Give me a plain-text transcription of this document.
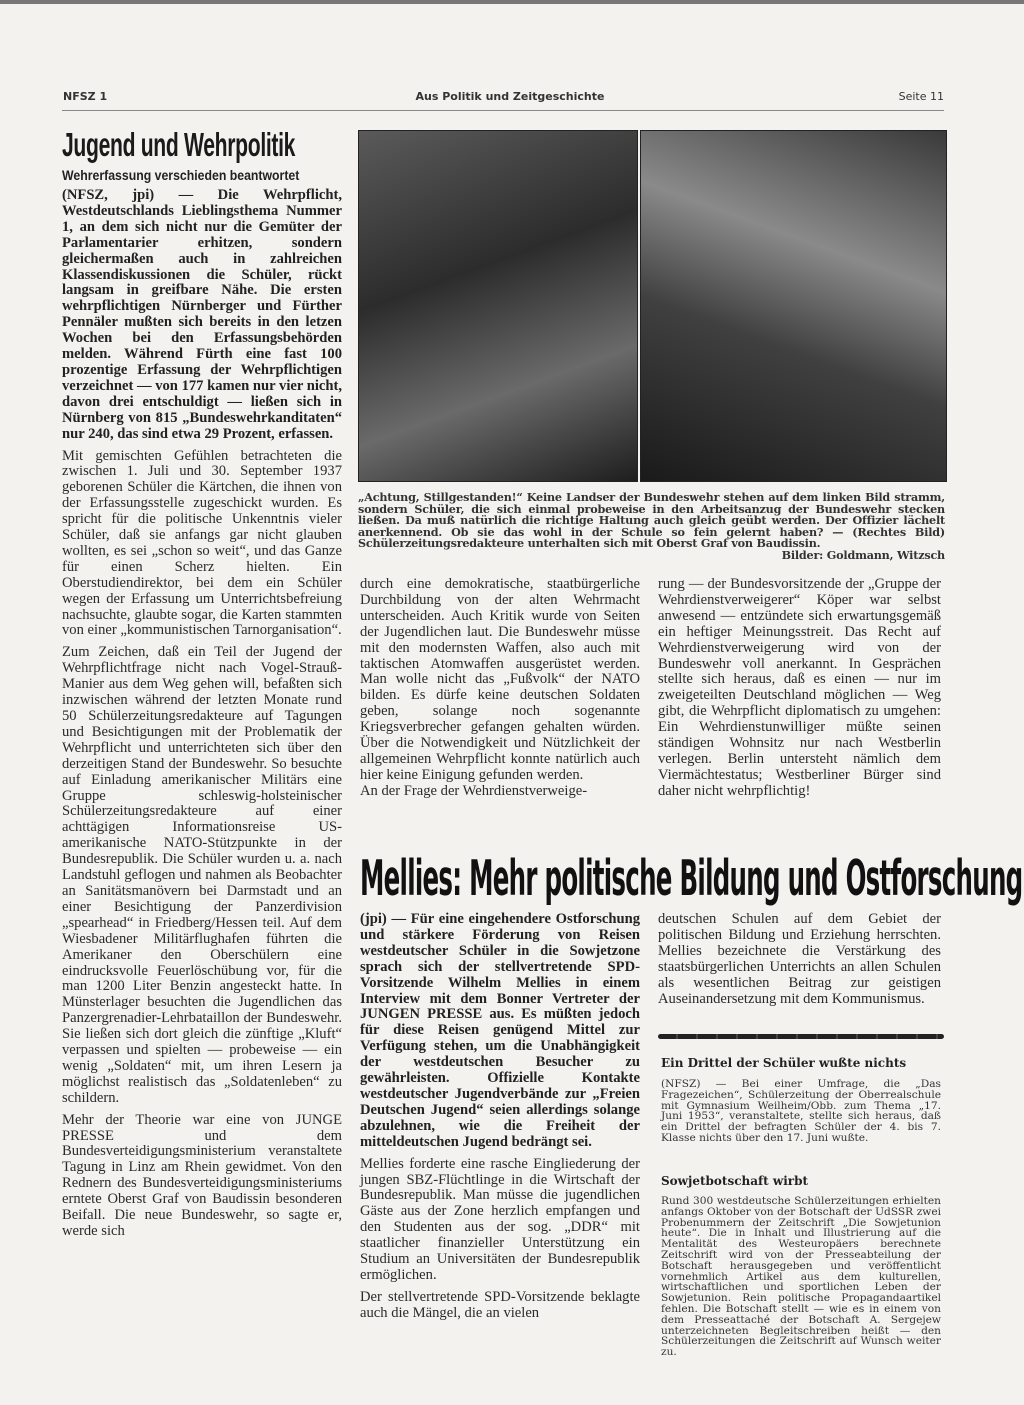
NFSZ 1	Aus Politik und Zeitgeschichte	Seite 11
Jugend und Wehrpolitik
Wehrerfassung verschieden beantwortet

(NFSZ, jpi) — Die Wehrpflicht, Westdeutschlands Lieblingsthema Nummer 1, an dem sich nicht nur die Gemüter der Parlamentarier erhitzen, sondern gleichermaßen auch in zahlreichen Klassendiskussionen die Schüler, rückt langsam in greifbare Nähe. Die ersten wehrpflichtigen Nürnberger und Fürther Pennäler mußten sich bereits in den letzen Wochen bei den Erfassungsbehörden melden. Während Fürth eine fast 100 prozentige Erfassung der Wehrpflichtigen verzeichnet — von 177 kamen nur vier nicht, davon drei entschuldigt — ließen sich in Nürnberg von 815 „Bundeswehrkanditaten“ nur 240, das sind etwa 29 Prozent, erfassen.

Mit gemischten Gefühlen betrachteten die zwischen 1. Juli und 30. September 1937 geborenen Schüler die Kärtchen, die ihnen von der Erfassungsstelle zugeschickt wurden. Es spricht für die politische Unkenntnis vieler Schüler, daß sie anfangs gar nicht glauben wollten, es sei „schon so weit“, und das Ganze für einen Scherz hielten. Ein Oberstudiendirektor, bei dem ein Schüler wegen der Erfassung um Unterrichtsbefreiung nachsuchte, glaubte sogar, die Karten stammten von einer „kommunistischen Tarnorganisation“.

Zum Zeichen, daß ein Teil der Jugend der Wehrpflichtfrage nicht nach Vogel-Strauß-Manier aus dem Weg gehen will, befaßten sich inzwischen während der letzten Monate rund 50 Schülerzeitungsredakteure auf Tagungen und Besichtigungen mit der Problematik der Wehrpflicht und unterrichteten sich über den derzeitigen Stand der Bundeswehr. So besuchte auf Einladung amerikanischer Militärs eine Gruppe schleswig-holsteinischer Schülerzeitungsredakteure auf einer achttägigen Informationsreise US-amerikanische NATO-Stützpunkte in der Bundesrepublik. Die Schüler wurden u. a. nach Landstuhl geflogen und nahmen als Beobachter an Sanitätsmanövern bei Darmstadt und an einer Besichtigung der Panzerdivision „spearhead“ in Friedberg/Hessen teil. Auf dem Wiesbadener Militärflughafen führten die Amerikaner den Oberschülern eine eindrucksvolle Feuerlöschübung vor, für die man 1200 Liter Benzin angesteckt hatte. In Münsterlager besuchten die Jugendlichen das Panzergrenadier-Lehrbataillon der Bundeswehr. Sie ließen sich dort gleich die zünftige „Kluft“ verpassen und spielten — probeweise — ein wenig „Soldaten“ mit, um ihren Lesern ja möglichst realistisch das „Soldatenleben“ zu schildern.

Mehr der Theorie war eine von JUNGE PRESSE und dem Bundesverteidigungsministerium veranstaltete Tagung in Linz am Rhein gewidmet. Von den Rednern des Bundesverteidigungsministeriums erntete Oberst Graf von Baudissin besonderen Beifall. Die neue Bundeswehr, so sagte er, werde sich

„Achtung, Stillgestanden!“ Keine Landser der Bundeswehr stehen auf dem linken Bild stramm, sondern Schüler, die sich einmal probeweise in den Arbeitsanzug der Bundeswehr stecken ließen. Da muß natürlich die richtige Haltung auch gleich geübt werden. Der Offizier lächelt anerkennend. Ob sie das wohl in der Schule so fein gelernt haben? — (Rechtes Bild) Schülerzeitungsredakteure unterhalten sich mit Oberst Graf von Baudissin.
Bilder: Goldmann, Witzsch

durch eine demokratische, staatbürgerliche Durchbildung von der alten Wehrmacht unterscheiden. Auch Kritik wurde von Seiten der Jugendlichen laut. Die Bundeswehr müsse mit den modernsten Waffen, also auch mit taktischen Atomwaffen ausgerüstet werden. Man wolle nicht das „Fußvolk“ der NATO bilden. Es dürfe keine deutschen Soldaten geben, solange noch sogenannte Kriegsverbrecher gefangen gehalten würden. Über die Notwendigkeit und Nützlichkeit der allgemeinen Wehrpflicht konnte natürlich auch hier keine Einigung gefunden werden.

An der Frage der Wehrdienstverweige-

rung — der Bundesvorsitzende der „Gruppe der Wehrdienstverweigerer“ Köper war selbst anwesend — entzündete sich erwartungsgemäß ein heftiger Meinungsstreit. Das Recht auf Wehrdienstverweigerung wird von der Bundeswehr voll anerkannt. In Gesprächen stellte sich heraus, daß es einen — nur im zweigeteilten Deutschland möglichen — Weg gibt, die Wehrpflicht diplomatisch zu umgehen: Ein Wehrdienstunwilliger müßte seinen ständigen Wohnsitz nur nach Westberlin verlegen. Berlin untersteht nämlich dem Viermächtestatus; Westberliner Bürger sind daher nicht wehrpflichtig!

Mellies: Mehr politische Bildung und Ostforschung

(jpi) — Für eine eingehendere Ostforschung und stärkere Förderung von Reisen westdeutscher Schüler in die Sowjetzone sprach sich der stellvertretende SPD-Vorsitzende Wilhelm Mellies in einem Interview mit dem Bonner Vertreter der JUNGEN PRESSE aus. Es müßten jedoch für diese Reisen genügend Mittel zur Verfügung stehen, um die Unabhängigkeit der westdeutschen Besucher zu gewährleisten. Offizielle Kontakte westdeutscher Jugendverbände zur „Freien Deutschen Jugend“ seien allerdings solange abzulehnen, wie die Freiheit der mitteldeutschen Jugend bedrängt sei.

Mellies forderte eine rasche Eingliederung der jungen SBZ-Flüchtlinge in die Wirtschaft der Bundesrepublik. Man müsse die jugendlichen Gäste aus der Zone herzlich empfangen und den Studenten aus der sog. „DDR“ mit staatlicher finanzieller Unterstützung ein Studium an Universitäten der Bundesrepublik ermöglichen.

Der stellvertretende SPD-Vorsitzende beklagte auch die Mängel, die an vielen

deutschen Schulen auf dem Gebiet der politischen Bildung und Erziehung herrschten. Mellies bezeichnete die Verstärkung des staatsbürgerlichen Unterrichts an allen Schulen als wesentlichen Beitrag zur geistigen Auseinandersetzung mit dem Kommunismus.

Ein Drittel der Schüler wußte nichts
(NFSZ) — Bei einer Umfrage, die „Das Fragezeichen“, Schülerzeitung der Oberrealschule mit Gymnasium Weilheim/Obb. zum Thema „17. Juni 1953“, veranstaltete, stellte sich heraus, daß ein Drittel der befragten Schüler der 4. bis 7. Klasse nichts über den 17. Juni wußte.
Sowjetbotschaft wirbt
Rund 300 westdeutsche Schülerzeitungen erhielten anfangs Oktober von der Botschaft der UdSSR zwei Probenummern der Zeitschrift „Die Sowjetunion heute“. Die in Inhalt und Illustrierung auf die Mentalität des Westeuropäers berechnete Zeitschrift wird von der Presseabteilung der Botschaft herausgegeben und veröffentlicht vornehmlich Artikel aus dem kulturellen, wirtschaftlichen und sportlichen Leben der Sowjetunion. Rein politische Propagandaartikel fehlen. Die Botschaft stellt — wie es in einem von dem Presseattaché der Botschaft A. Sergejew unterzeichneten Begleitschreiben heißt — den Schülerzeitungen die Zeitschrift auf Wunsch weiter zu.
